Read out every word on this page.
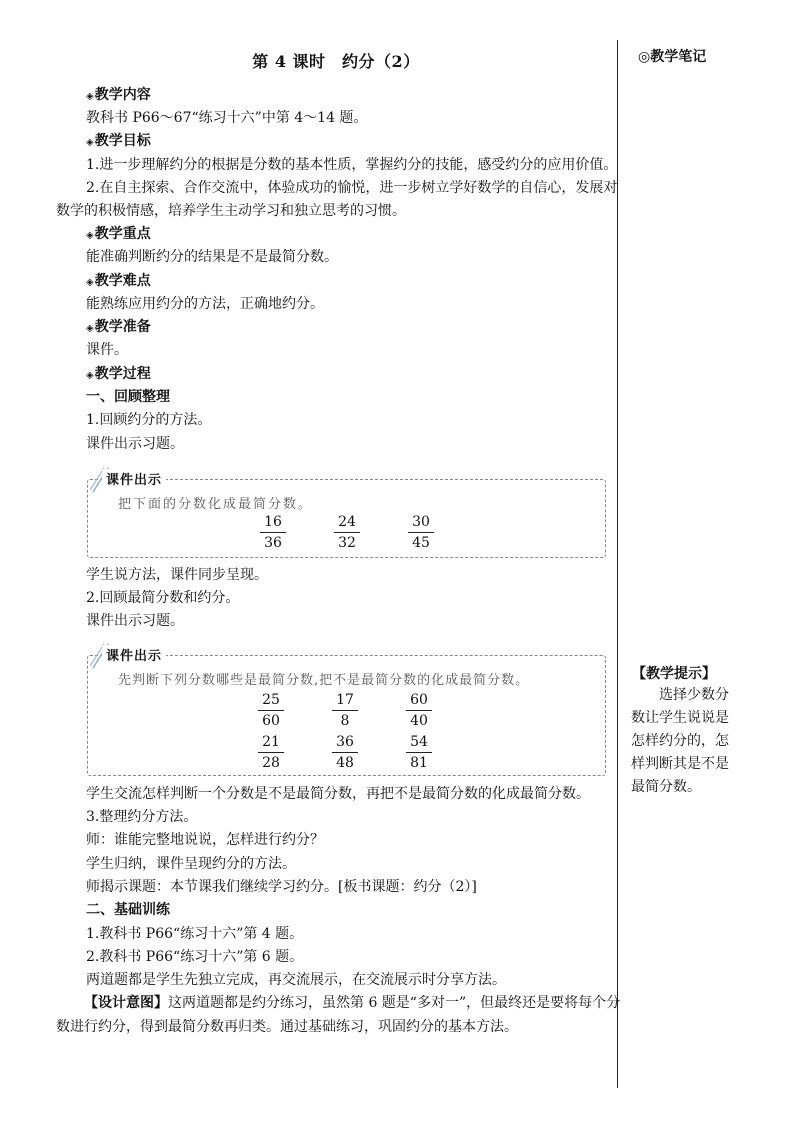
◎教学笔记
第 4 课时　约分（2）
◈教学内容
教科书 P66～67“练习十六”中第 4～14 题。
◈教学目标
1.进一步理解约分的根据是分数的基本性质，掌握约分的技能，感受约分的应用价值。
2.在自主探索、合作交流中，体验成功的愉悦，进一步树立学好数学的自信心，发展对
数学的积极情感，培养学生主动学习和独立思考的习惯。
◈教学重点
能准确判断约分的结果是不是最简分数。
◈教学难点
能熟练应用约分的方法，正确地约分。
◈教学准备
课件。
◈教学过程
一、回顾整理
1.回顾约分的方法。
课件出示习题。
课件出示
把下面的分数化成最简分数。
16
36
24
32
30
45
学生说方法，课件同步呈现。
2.回顾最简分数和约分。
课件出示习题。
课件出示
先判断下列分数哪些是最简分数,把不是最简分数的化成最简分数。
25
60
17
8
60
40
21
28
36
48
54
81
学生交流怎样判断一个分数是不是最简分数，再把不是最简分数的化成最简分数。
3.整理约分方法。
师：谁能完整地说说，怎样进行约分？
学生归纳，课件呈现约分的方法。
师揭示课题：本节课我们继续学习约分。[板书课题：约分（2）]
二、基础训练
1.教科书 P66“练习十六”第 4 题。
2.教科书 P66“练习十六”第 6 题。
两道题都是学生先独立完成，再交流展示，在交流展示时分享方法。
【设计意图】这两道题都是约分练习，虽然第 6 题是“多对一”，但最终还是要将每个分
数进行约分，得到最简分数再归类。通过基础练习，巩固约分的基本方法。
【教学提示】
选择少数分数让学生说说是怎样约分的，怎样判断其是不是最简分数。
